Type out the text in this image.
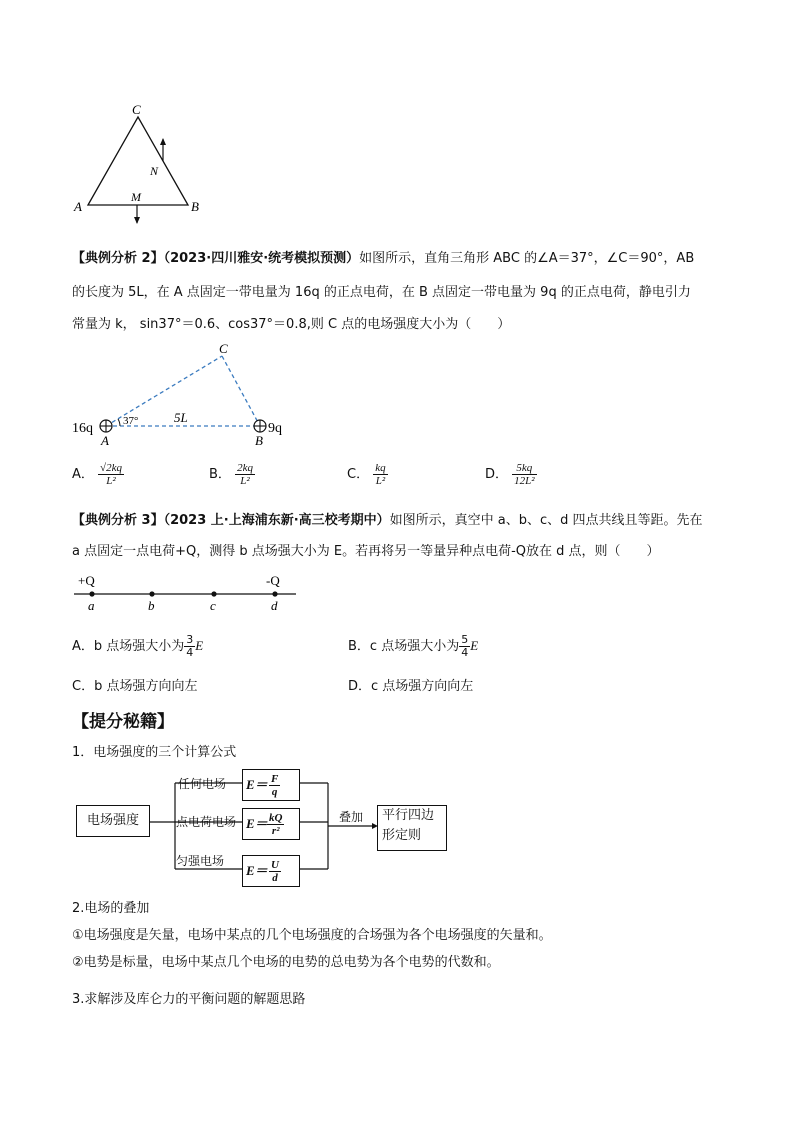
C
A	B
M
N
【典例分析 2】（2023·四川雅安·统考模拟预测）如图所示，直角三角形 ABC 的∠A＝37°，∠C＝90°，AB
的长度为 5L，在 A 点固定一带电量为 16q 的正点电荷，在 B 点固定一带电量为 9q 的正点电荷，静电引力
常量为 k， sin37°＝0.6、cos37°＝0.8,则 C 点的电场强度大小为（　　）
C
A	B
16q	9q
37°	5L
A． $\frac{√2kq}{\text{L²}}$	B． $\frac{2kq}{\text{L²}}$	C． $\frac{kq}{\text{L²}}$	D． $\frac{5kq}{\text{12L²}}$
【典例分析 3】（2023 上·上海浦东新·高三校考期中）如图所示，真空中 a、b、c、d 四点共线且等距。先在
a 点固定一点电荷+Q，测得 b 点场强大小为 E。若再将另一等量异种点电荷-Q放在 d 点，则（　　）
+Q	-Q
a	b	c	d
A．b 点场强大小为 $\frac{3}{4}$ E	B．c 点场强大小为 $\frac{5}{4}$ E
C．b 点场强方向向左	D．c 点场强方向向左
【提分秘籍】
1．电场强度的三个计算公式
电场强度
任何电场
点电荷电场
匀强电场
$E= \frac{F}{q}$
$E= \frac{kQ}{\text{r²}}$
$E= \frac{U}{d}$
叠加 平行四边
形定则
2.电场的叠加
①电场强度是矢量，电场中某点的几个电场强度的合场强为各个电场强度的矢量和。
②电势是标量，电场中某点几个电场的电势的总电势为各个电势的代数和。
3.求解涉及库仑力的平衡问题的解题思路
